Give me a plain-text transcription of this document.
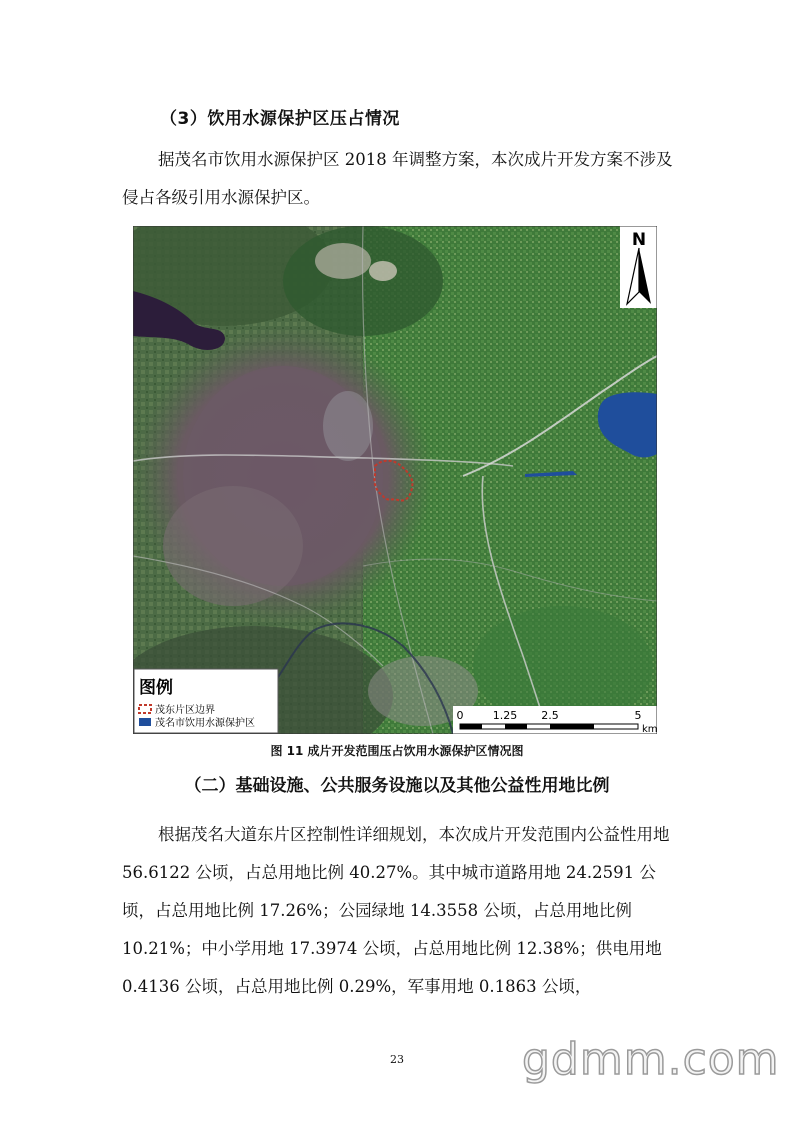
（3）饮用水源保护区压占情况
据茂名市饮用水源保护区 2018 年调整方案，本次成片开发方案不涉及侵占各级引用水源保护区。
N
图例
茂东片区边界
茂名市饮用水源保护区
0	1.25 2.5	5
km
图 11 成片开发范围压占饮用水源保护区情况图
（二）基础设施、公共服务设施以及其他公益性用地比例
根据茂名大道东片区控制性详细规划，本次成片开发范围内公益性用地 56.6122 公顷，占总用地比例 40.27%。其中城市道路用地 24.2591 公顷，占总用地比例 17.26%；公园绿地 14.3558 公顷，占总用地比例 10.21%；中小学用地 17.3974 公顷，占总用地比例 12.38%；供电用地 0.4136 公顷，占总用地比例 0.29%，军事用地 0.1863 公顷，
23	gdmm.com
